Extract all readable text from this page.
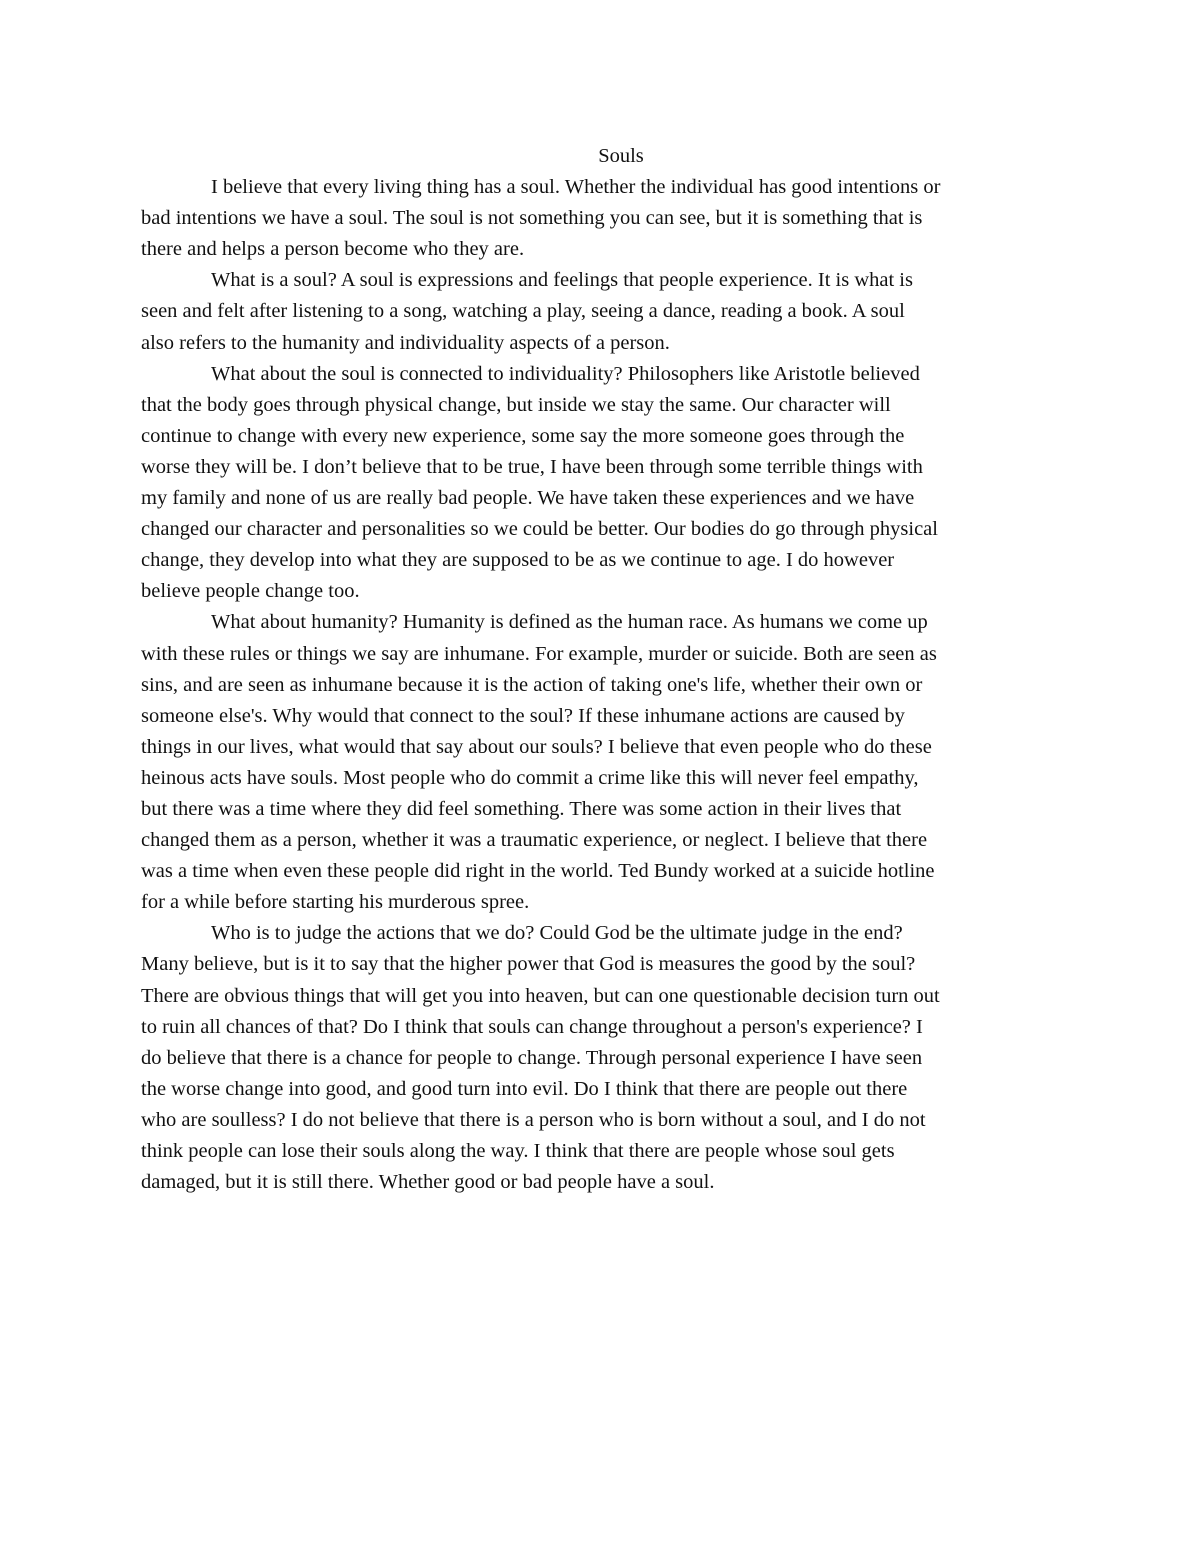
Souls
I believe that every living thing has a soul. Whether the individual has good intentions or
bad intentions we have a soul. The soul is not something you can see, but it is something that is
there and helps a person become who they are.
What is a soul? A soul is expressions and feelings that people experience. It is what is
seen and felt after listening to a song, watching a play, seeing a dance, reading a book. A soul
also refers to the humanity and individuality aspects of a person.
What about the soul is connected to individuality? Philosophers like Aristotle believed
that the body goes through physical change, but inside we stay the same. Our character will
continue to change with every new experience, some say the more someone goes through the
worse they will be. I don’t believe that to be true, I have been through some terrible things with
my family and none of us are really bad people. We have taken these experiences and we have
changed our character and personalities so we could be better. Our bodies do go through physical
change, they develop into what they are supposed to be as we continue to age. I do however
believe people change too.
What about humanity? Humanity is defined as the human race. As humans we come up
with these rules or things we say are inhumane. For example, murder or suicide. Both are seen as
sins, and are seen as inhumane because it is the action of taking one's life, whether their own or
someone else's. Why would that connect to the soul? If these inhumane actions are caused by
things in our lives, what would that say about our souls? I believe that even people who do these
heinous acts have souls. Most people who do commit a crime like this will never feel empathy,
but there was a time where they did feel something. There was some action in their lives that
changed them as a person, whether it was a traumatic experience, or neglect. I believe that there
was a time when even these people did right in the world. Ted Bundy worked at a suicide hotline
for a while before starting his murderous spree.
Who is to judge the actions that we do? Could God be the ultimate judge in the end?
Many believe, but is it to say that the higher power that God is measures the good by the soul?
There are obvious things that will get you into heaven, but can one questionable decision turn out
to ruin all chances of that? Do I think that souls can change throughout a person's experience? I
do believe that there is a chance for people to change. Through personal experience I have seen
the worse change into good, and good turn into evil. Do I think that there are people out there
who are soulless? I do not believe that there is a person who is born without a soul, and I do not
think people can lose their souls along the way. I think that there are people whose soul gets
damaged, but it is still there. Whether good or bad people have a soul.
